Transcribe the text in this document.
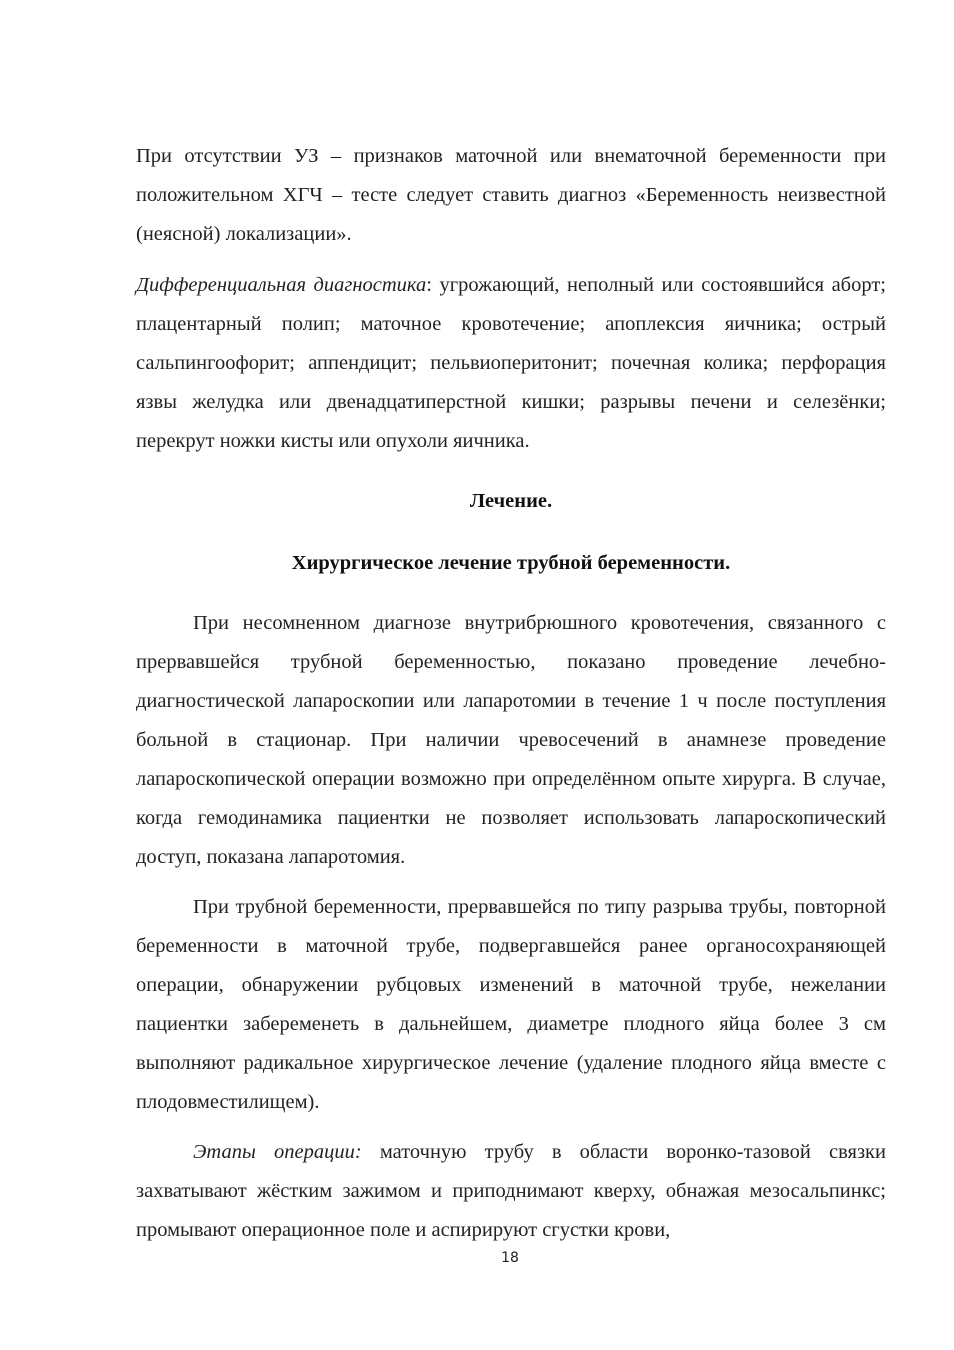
При отсутствии УЗ – признаков маточной или внематочной беременности при положительном ХГЧ – тесте следует ставить диагноз «Беременность неизвестной (неясной) локализации».

Дифференциальная диагностика: угрожающий, неполный или состоявшийся аборт; плацентарный полип; маточное кровотечение; апоплексия яичника; острый сальпингоофорит; аппендицит; пельвиоперитонит; почечная колика; перфорация язвы желудка или двенадцатиперстной кишки; разрывы печени и селезёнки; перекрут ножки кисты или опухоли яичника.

Лечение.
Хирургическое лечение трубной беременности.

При несомненном диагнозе внутрибрюшного кровотечения, связанного с прервавшейся трубной беременностью, показано проведение лечебно-диагностической лапароскопии или лапаротомии в течение 1 ч после поступления больной в стационар. При наличии чревосечений в анамнезе проведение лапароскопической операции возможно при определённом опыте хирурга. В случае, когда гемодинамика пациентки не позволяет использовать лапароскопический доступ, показана лапаротомия.

При трубной беременности, прервавшейся по типу разрыва трубы, повторной беременности в маточной трубе, подвергавшейся ранее органосохраняющей операции, обнаружении рубцовых изменений в маточной трубе, нежелании пациентки забеременеть в дальнейшем, диаметре плодного яйца более 3 см выполняют радикальное хирургическое лечение (удаление плодного яйца вместе с плодовместилищем).

Этапы операции: маточную трубу в области воронко-тазовой связки захватывают жёстким зажимом и приподнимают кверху, обнажая мезосальпинкс; промывают операционное поле и аспирируют сгустки крови,

18
